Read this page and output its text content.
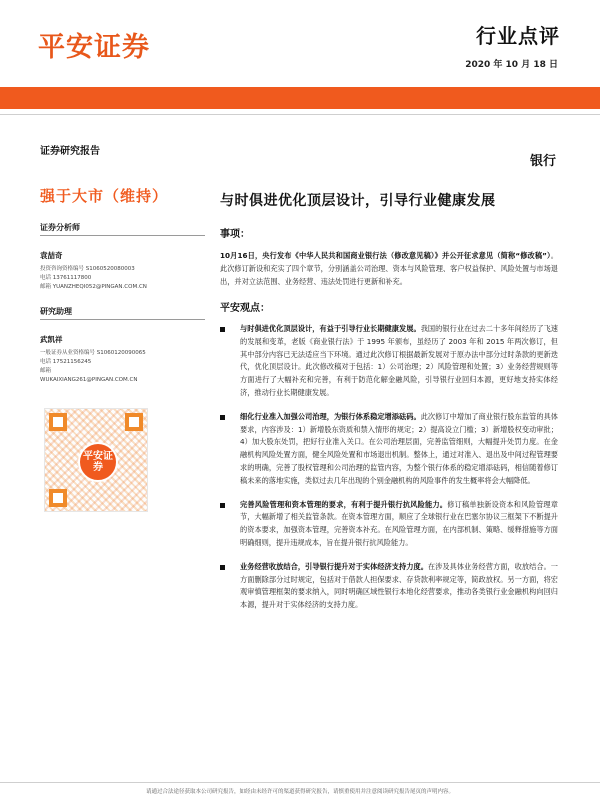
平安证券	行业点评
2020 年 10 月 18 日
证券研究报告
银行
强于大市（维持）	与时俱进优化顶层设计，引导行业健康发展
证券分析师
袁喆奇
投资咨询资格编号 S1060520080003
电话 13761117800
邮箱 YUANZHEQI052@PINGAN.COM.CN
研究助理
武凯祥
一般证券从业资格编号 S1060120090065
电话 17521156245
邮箱
WUKAIXIANG261@PINGAN.COM.CN
平安证券
事项：
10月16日，央行发布《中华人民共和国商业银行法（修改意见稿）》并公开征求意见（简称“修改稿”）。此次修订新设和充实了四个章节，分别涵盖公司治理、资本与风险管理、客户权益保护、风险处置与市场退出，并对立法范围、业务经营、违法处罚进行更新和补充。
平安观点：
与时俱进优化顶层设计，有益于引导行业长期健康发展。我国的银行业在过去二十多年间经历了飞速的发展和变革，老版《商业银行法》于 1995 年颁布，虽经历了 2003 年和 2015 年两次修订，但其中部分内容已无法适应当下环境。通过此次修订根据最新发展对于原办法中部分过时条款的更新迭代，优化顶层设计。此次修改稿对于包括：1）公司治理；2）风险管理和处置；3）业务经营规则等方面进行了大幅补充和完善，有利于防范化解金融风险，引导银行业回归本源，更好地支持实体经济，推动行业长期健康发展。
细化行业准入加强公司治理，为银行体系稳定增添砝码。此次修订中增加了商业银行股东监管的具体要求，内容涉及：1）新增股东资质和禁入情形的规定；2）提高设立门槛；3）新增股权变动审批；4）加大股东处罚，把好行业准入关口。在公司治理层面，完善监管细则，大幅提升处罚力度。在金融机构风险处置方面，健全风险处置和市场退出机制。整体上，通过对准入、退出及中间过程管理要求的明确，完善了股权管理和公司治理的监管内容，为整个银行体系的稳定增添砝码，相信随着修订稿未来的落地实施，类似过去几年出现的个别金融机构的风险事件的发生概率将会大幅降低。
完善风险管理和资本管理的要求，有利于提升银行抗风险能力。修订稿单独新设资本和风险管理章节，大幅新增了相关监管条款。在资本管理方面，顺应了全球银行业在巴塞尔协议三框架下不断提升的资本要求，加强资本管理，完善资本补充。在风险管理方面，在内部机制、策略、缓释措施等方面明确细则，提升违规成本，旨在提升银行抗风险能力。
业务经营收放结合，引导银行提升对于实体经济支持力度。在涉及具体业务经营方面，收放结合。一方面删除部分过时规定，包括对于借款人担保要求、存贷款利率规定等，简政放权。另一方面，将宏观审慎管理框架的要求纳入，同时明确区域性银行本地化经营要求，推动各类银行业金融机构向回归本源，提升对于实体经济的支持力度。
请通过合法途径获取本公司研究报告，如经由未经许可的渠道获得研究报告，请慎重使用并注意阅读研究报告尾页的声明内容。
